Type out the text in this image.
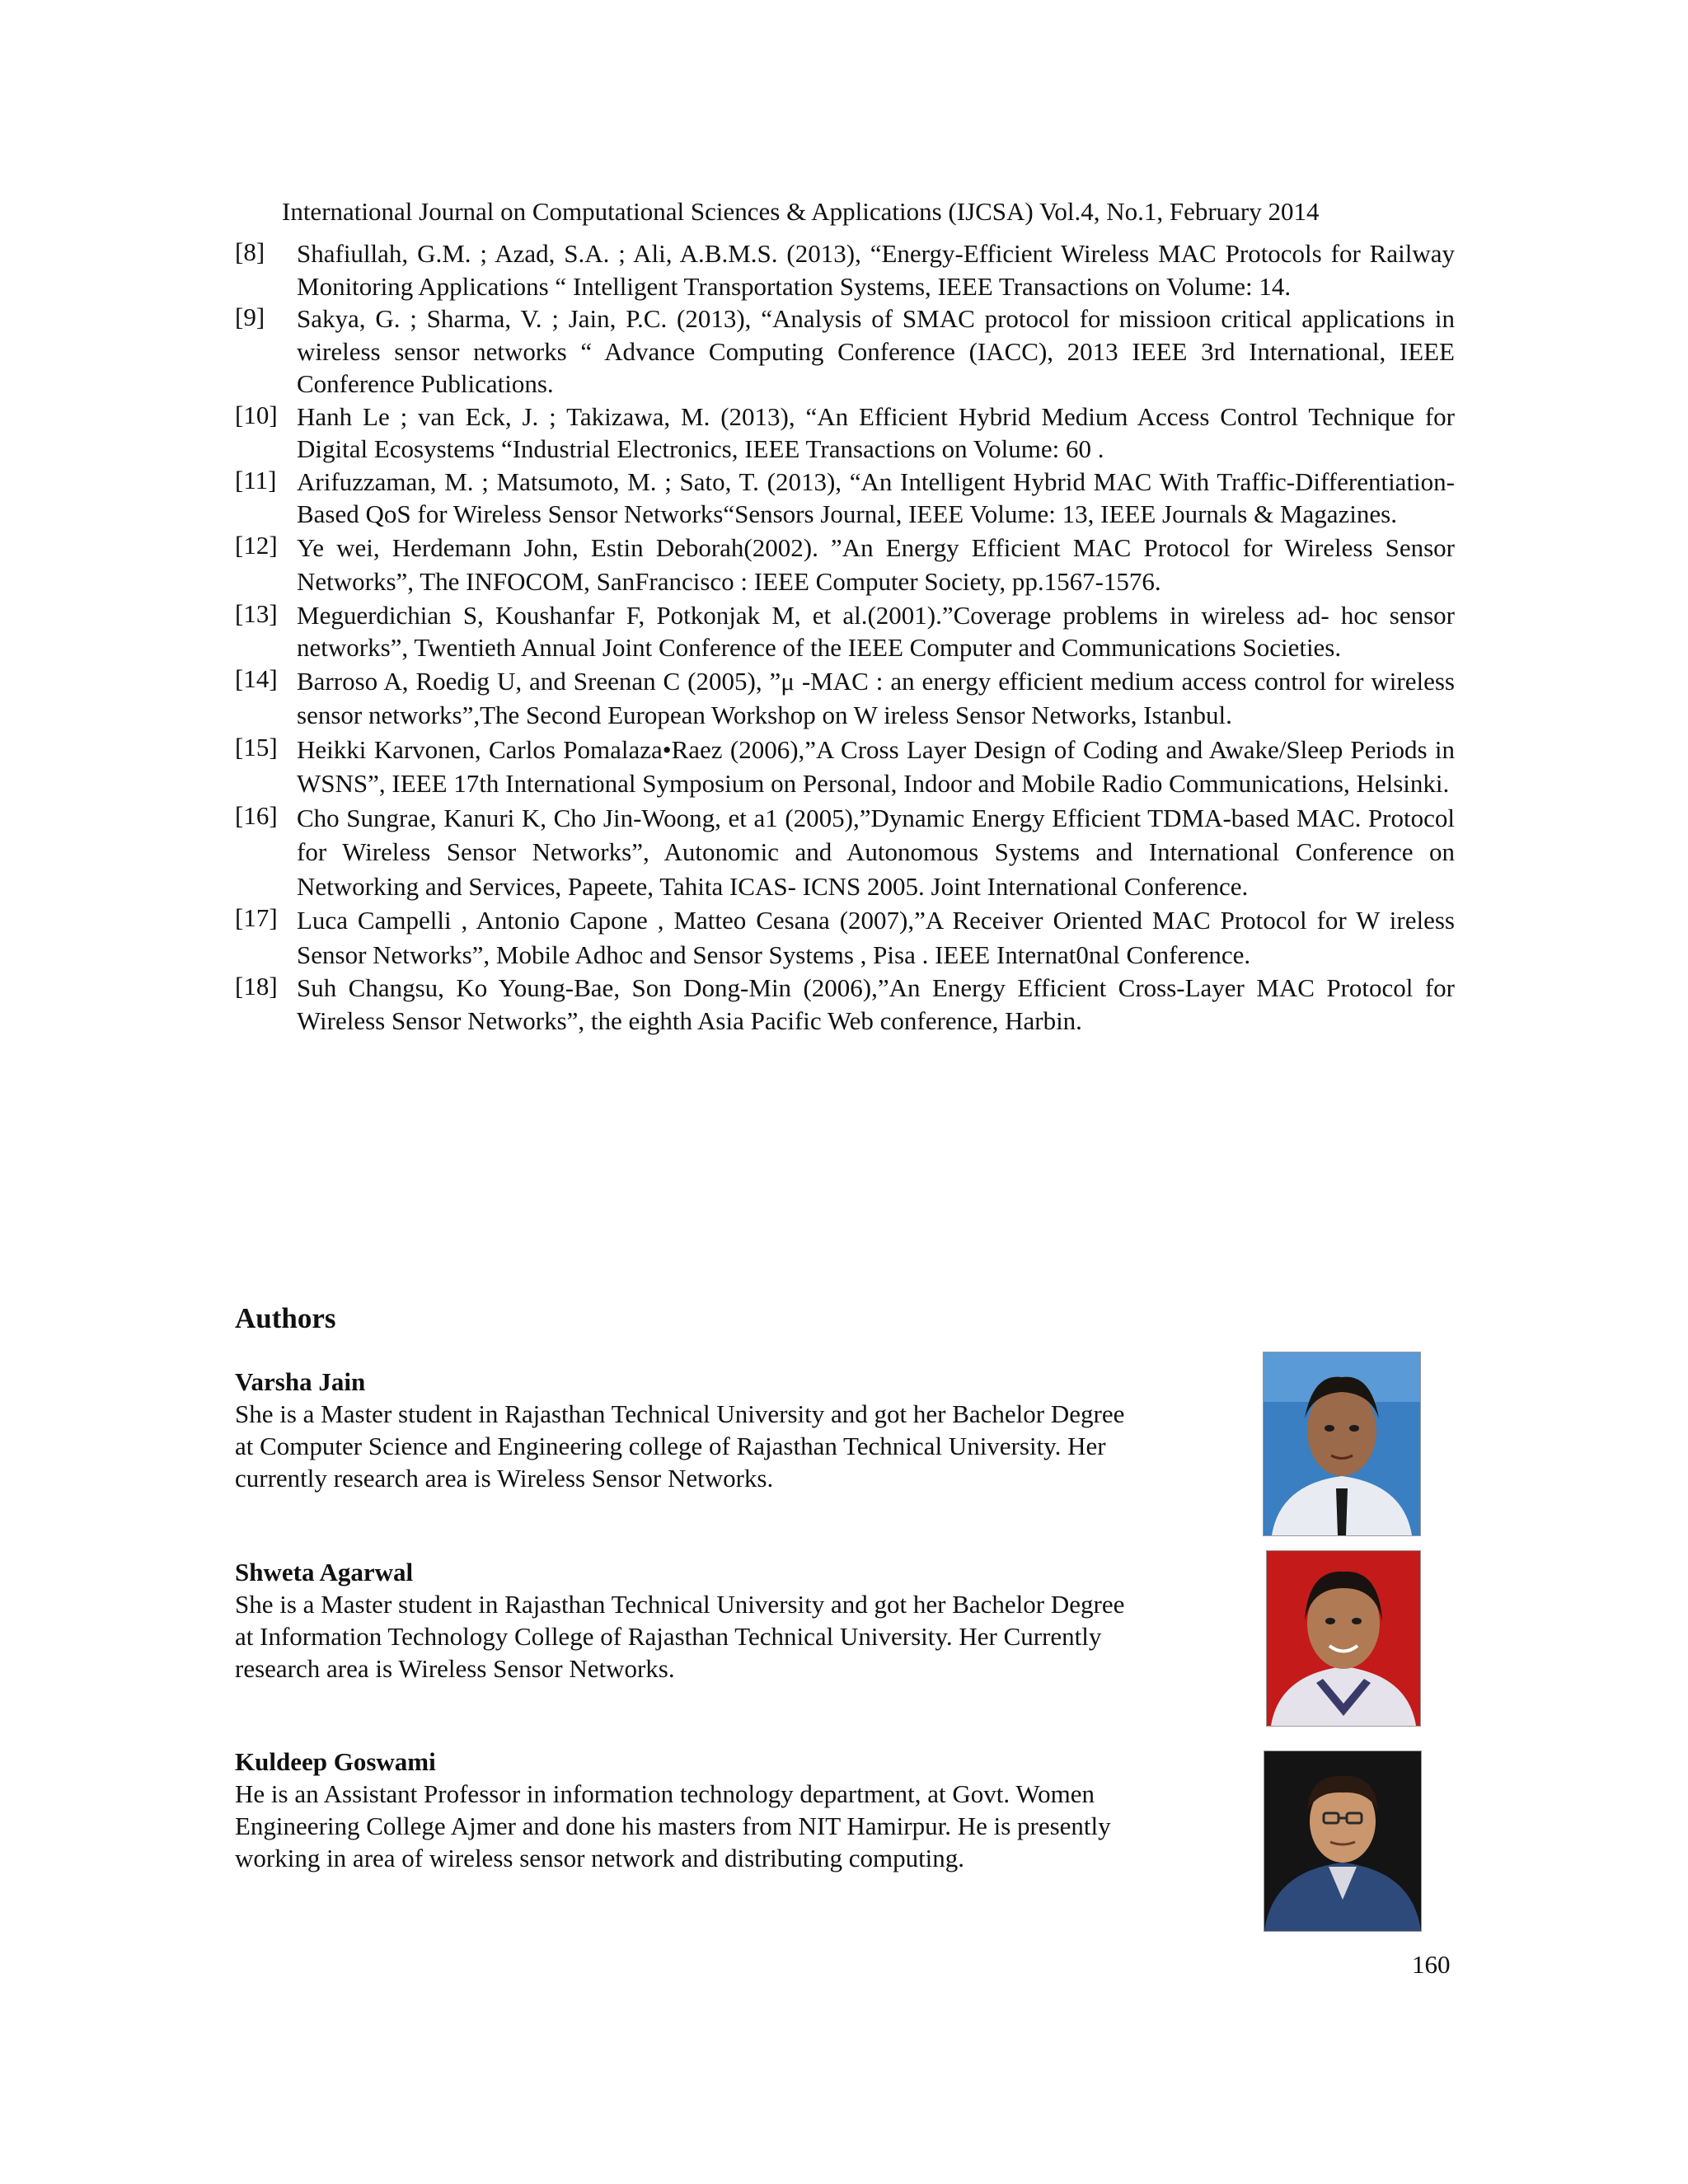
International Journal on Computational Sciences & Applications (IJCSA) Vol.4, No.1, February 2014
[8] Shafiullah, G.M. ; Azad, S.A. ; Ali, A.B.M.S. (2013), “Energy-Efficient Wireless MAC Protocols for Railway Monitoring Applications “ Intelligent Transportation Systems, IEEE Transactions on Volume: 14.
[9] Sakya, G. ; Sharma, V. ; Jain, P.C. (2013), “Analysis of SMAC protocol for missioon critical applications in wireless sensor networks “ Advance Computing Conference (IACC), 2013 IEEE 3rd International, IEEE Conference Publications.
[10] Hanh Le ; van Eck, J. ; Takizawa, M. (2013), “An Efficient Hybrid Medium Access Control Technique for Digital Ecosystems “Industrial Electronics, IEEE Transactions on Volume: 60 .
[11] Arifuzzaman, M. ; Matsumoto, M. ; Sato, T. (2013), “An Intelligent Hybrid MAC With Traffic-Differentiation-Based QoS for Wireless Sensor Networks“Sensors Journal, IEEE Volume: 13, IEEE Journals & Magazines.
[12] Ye wei, Herdemann John, Estin Deborah(2002). ”An Energy Efficient MAC Protocol for Wireless Sensor Networks”, The INFOCOM, SanFrancisco : IEEE Computer Society, pp.1567-1576.
[13] Meguerdichian S, Koushanfar F, Potkonjak M, et al.(2001).”Coverage problems in wireless ad- hoc sensor networks”, Twentieth Annual Joint Conference of the IEEE Computer and Communications Societies.
[14] Barroso A, Roedig U, and Sreenan C (2005), ”μ -MAC : an energy efficient medium access control for wireless sensor networks”,The Second European Workshop on W ireless Sensor Networks, Istanbul.
[15] Heikki Karvonen, Carlos Pomalaza•Raez (2006),”A Cross Layer Design of Coding and Awake/Sleep Periods in WSNS”, IEEE 17th International Symposium on Personal, Indoor and Mobile Radio Communications, Helsinki.
[16] Cho Sungrae, Kanuri K, Cho Jin-Woong, et a1 (2005),”Dynamic Energy Efficient TDMA-based MAC. Protocol for Wireless Sensor Networks”, Autonomic and Autonomous Systems and International Conference on Networking and Services, Papeete, Tahita ICAS- ICNS 2005. Joint International Conference.
[17] Luca Campelli , Antonio Capone , Matteo Cesana (2007),”A Receiver Oriented MAC Protocol for W ireless Sensor Networks”, Mobile Adhoc and Sensor Systems , Pisa . IEEE Internat0nal Conference.
[18] Suh Changsu, Ko Young-Bae, Son Dong-Min (2006),”An Energy Efficient Cross-Layer MAC Protocol for Wireless Sensor Networks”, the eighth Asia Pacific Web conference, Harbin.
Authors
Varsha Jain
She is a Master student in Rajasthan Technical University and got her Bachelor Degree at Computer Science and Engineering college of Rajasthan Technical University. Her currently research area is Wireless Sensor Networks.
Shweta Agarwal
She is a Master student in Rajasthan Technical University and got her Bachelor Degree at Information Technology College of Rajasthan Technical University. Her Currently research area is Wireless Sensor Networks.
Kuldeep Goswami
He is an Assistant Professor in information technology department, at Govt. Women Engineering College Ajmer and done his masters from NIT Hamirpur. He is presently working in area of wireless sensor network and distributing computing.
160
